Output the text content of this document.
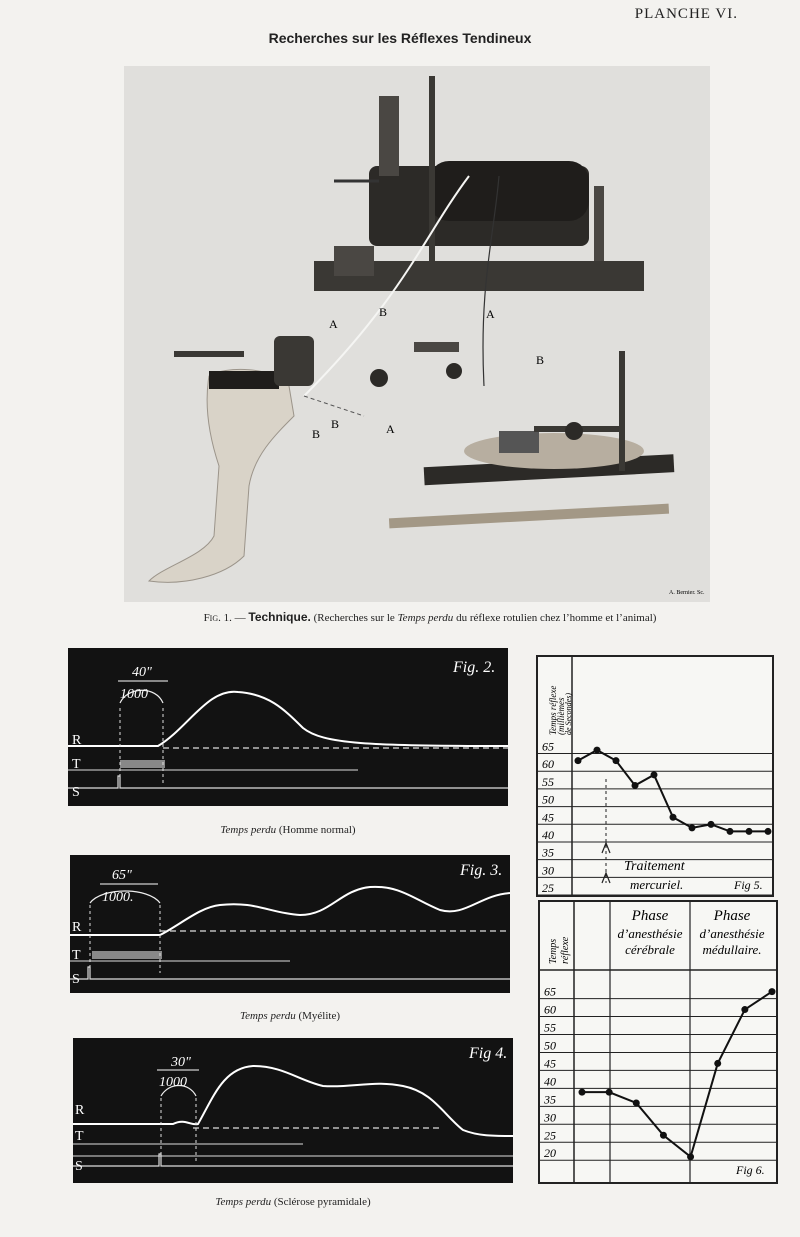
PLANCHE VI.
Recherches sur les Réflexes Tendineux
A
B	A
B
B
B	A
A. Bernier. Sc.
Fig. 1. — Technique. (Recherches sur le Temps perdu du réflexe rotulien chez l’homme et l’animal)
40"
1000
Fig. 2.
R
T
S
Temps perdu (Homme normal)
65"
1000.
Fig. 3.
R
T
S
Temps perdu (Myélite)
30"
1000
Fig 4.
R
T
S
Temps perdu (Sclérose pyramidale)
25
30
35
40
45
50
55
60
65
Temps réflexe
(millièmes
de Secondes)
Traitement
mercuriel.	Fig 5.
20
25
30
35
40
45
50
55
60
65
Temps réflexe
Phase
d’anesthésie
cérébrale
Phase
d’anesthésie
médullaire.
Fig 6.
